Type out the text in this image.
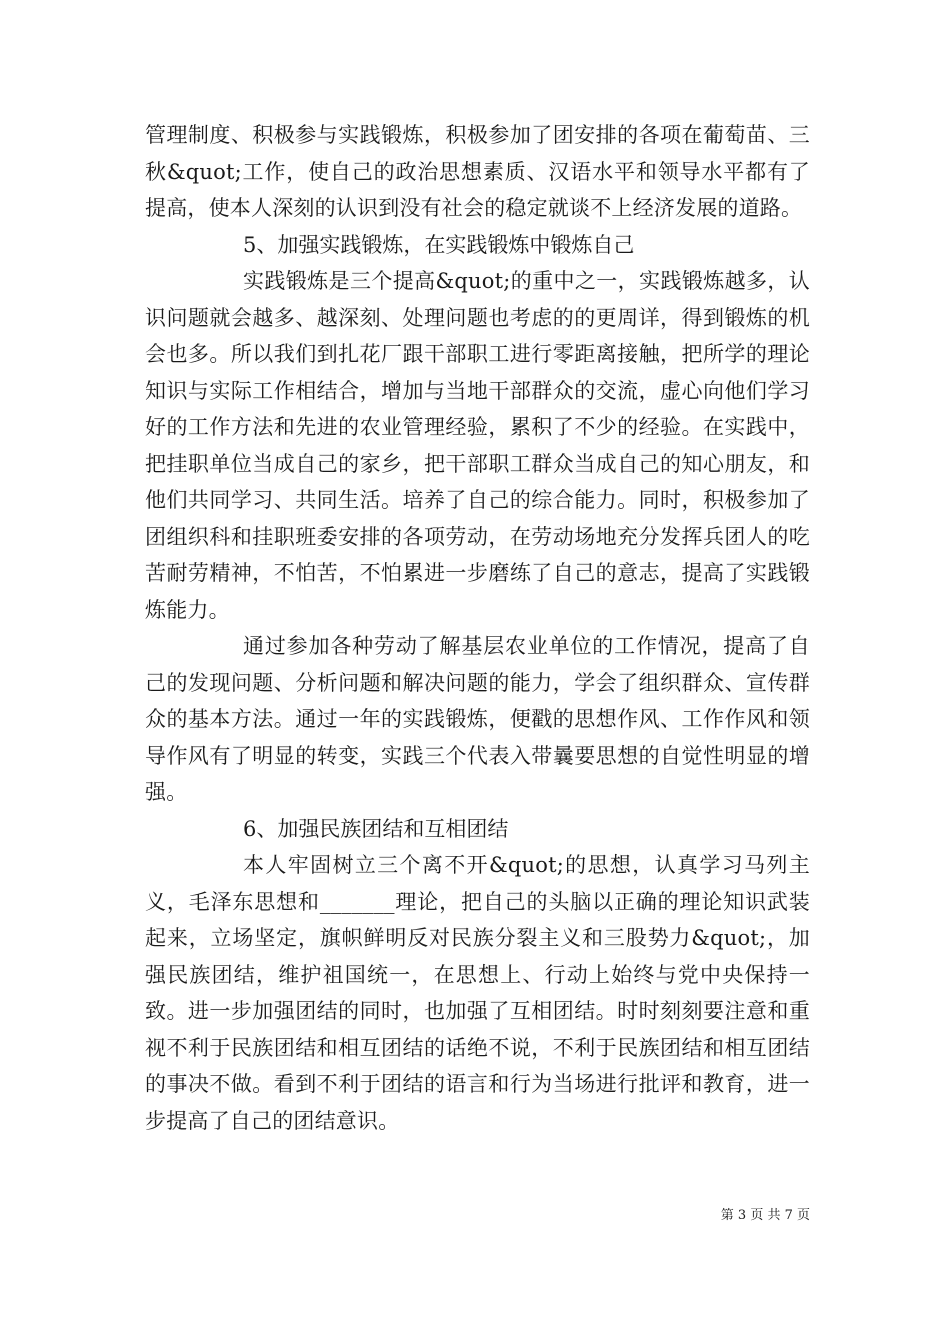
管理制度、积极参与实践锻炼，积极参加了团安排的各项在葡萄苗、三秋&quot;工作，使自己的政治思想素质、汉语水平和领导水平都有了提高，使本人深刻的认识到没有社会的稳定就谈不上经济发展的道路。

5、加强实践锻炼，在实践锻炼中锻炼自己

实践锻炼是三个提高&quot;的重中之一，实践锻炼越多，认识问题就会越多、越深刻、处理问题也考虑的的更周详，得到锻炼的机会也多。所以我们到扎花厂跟干部职工进行零距离接触，把所学的理论知识与实际工作相结合，增加与当地干部群众的交流，虚心向他们学习好的工作方法和先进的农业管理经验，累积了不少的经验。在实践中，把挂职单位当成自己的家乡，把干部职工群众当成自己的知心朋友，和他们共同学习、共同生活。培养了自己的综合能力。同时，积极参加了团组织科和挂职班委安排的各项劳动，在劳动场地充分发挥兵团人的吃苦耐劳精神，不怕苦，不怕累进一步磨练了自己的意志，提高了实践锻炼能力。

通过参加各种劳动了解基层农业单位的工作情况，提高了自己的发现问题、分析问题和解决问题的能力，学会了组织群众、宣传群众的基本方法。通过一年的实践锻炼，便戳的思想作风、工作作风和领导作风有了明显的转变，实践三个代表入带曩要思想的自觉性明显的增强。

6、加强民族团结和互相团结

本人牢固树立三个离不开&quot;的思想，认真学习马列主义，毛泽东思想和_______理论，把自己的头脑以正确的理论知识武装起来，立场坚定，旗帜鲜明反对民族分裂主义和三股势力&quot;，加强民族团结，维护祖国统一，在思想上、行动上始终与党中央保持一致。进一步加强团结的同时，也加强了互相团结。时时刻刻要注意和重视不利于民族团结和相互团结的话绝不说，不利于民族团结和相互团结的事决不做。看到不利于团结的语言和行为当场进行批评和教育，进一步提高了自己的团结意识。

第 3 页 共 7 页
